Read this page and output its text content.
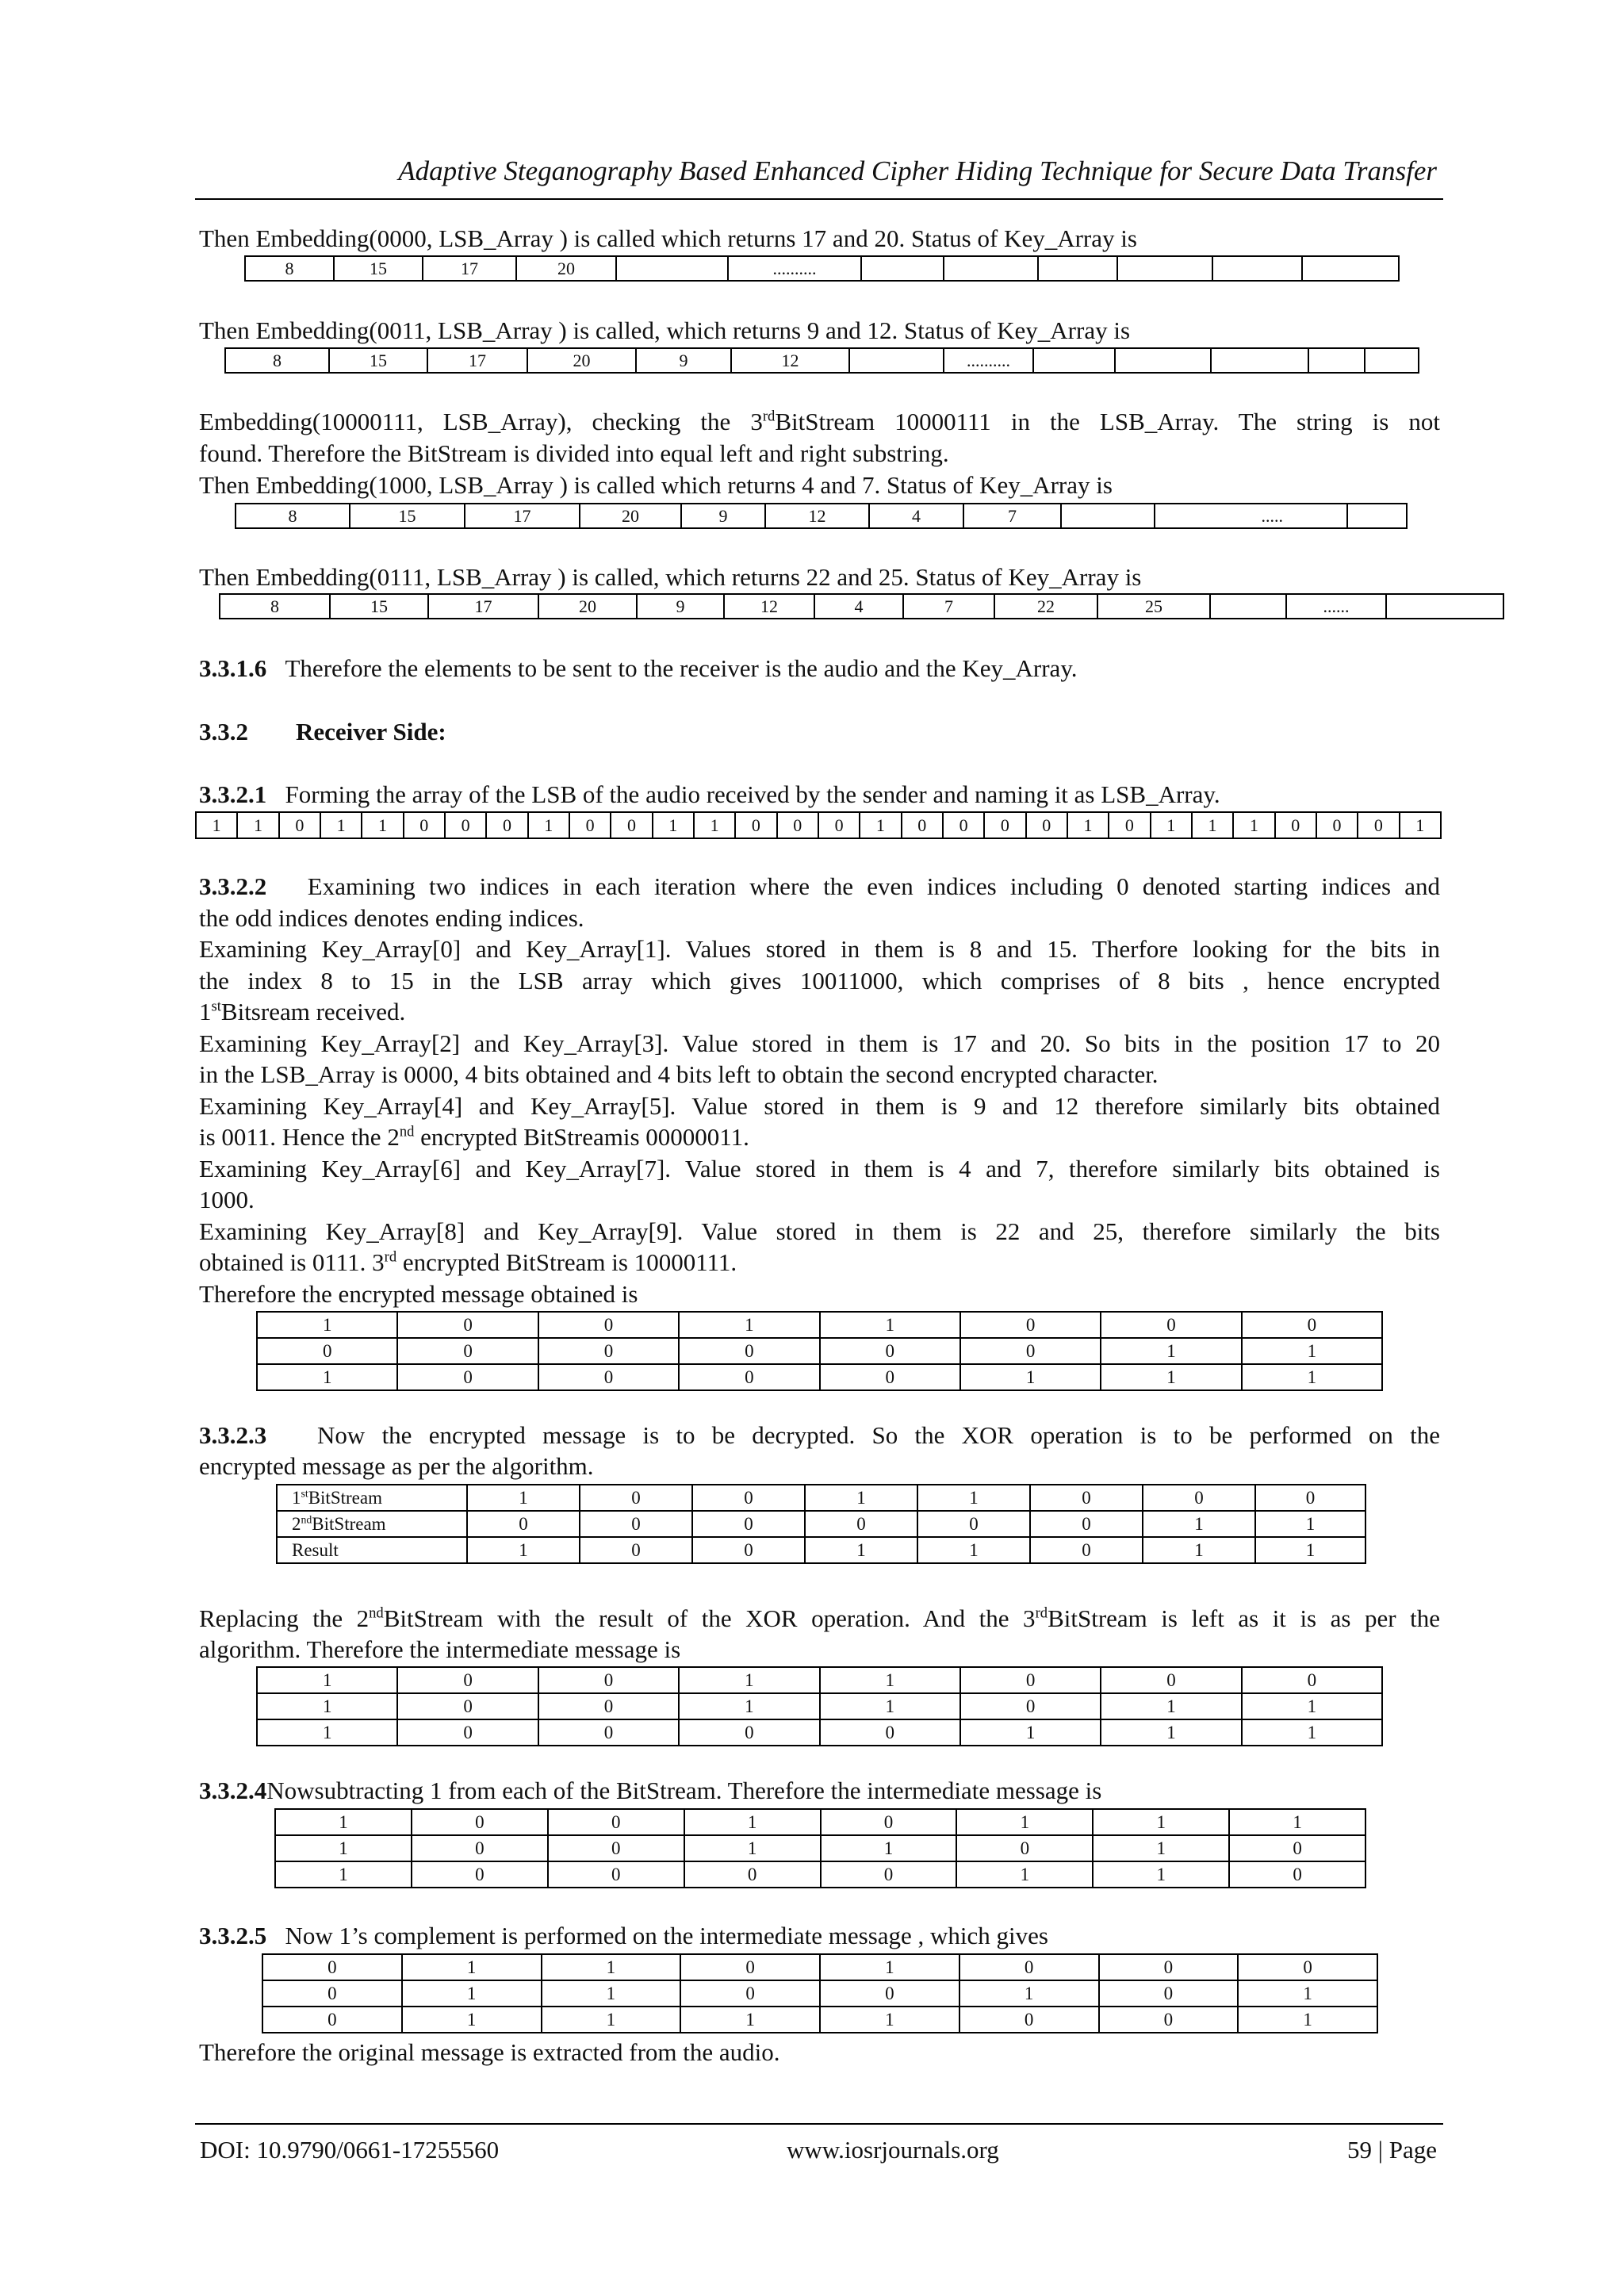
Adaptive Steganography Based Enhanced Cipher Hiding Technique for Secure Data Transfer

Then Embedding(0000, LSB_Array ) is called which returns 17 and 20. Status of Key_Array is

8	15	17	20		..........						

Then Embedding(0011, LSB_Array ) is called, which returns 9 and 12. Status of Key_Array is

8	15	17	20	9	12		..........					

Embedding(10000111, LSB_Array), checking the 3rdBitStream 10000111 in the LSB_Array. The string is not

found. Therefore the BitStream is divided into equal left and right substring.

Then Embedding(1000, LSB_Array ) is called which returns 4 and 7. Status of Key_Array is

8	15	17	20	9	12	4	7		.....	

Then Embedding(0111, LSB_Array ) is called, which returns 22 and 25. Status of Key_Array is

8	15	17	20	9	12	4	7	22	25		......	

3.3.1.6 Therefore the elements to be sent to the receiver is the audio and the Key_Array.

3.3.2 Receiver Side:

3.3.2.1 Forming the array of the LSB of the audio received by the sender and naming it as LSB_Array.

1	1	0	1	1	0	0	0	1	0	0	1	1	0	0	0	1	0	0	0	0	1	0	1	1	1	0	0	0	1

3.3.2.2 Examining two indices in each iteration where the even indices including 0 denoted starting indices and

the odd indices denotes ending indices.

Examining Key_Array[0] and Key_Array[1]. Values stored in them is 8 and 15. Therfore looking for the bits in

the index 8 to 15 in the LSB array which gives 10011000, which comprises of 8 bits , hence encrypted

1stBitsream received.

Examining Key_Array[2] and Key_Array[3]. Value stored in them is 17 and 20. So bits in the position 17 to 20

in the LSB_Array is 0000, 4 bits obtained and 4 bits left to obtain the second encrypted character.

Examining Key_Array[4] and Key_Array[5]. Value stored in them is 9 and 12 therefore similarly bits obtained

is 0011. Hence the 2nd encrypted BitStreamis 00000011.

Examining Key_Array[6] and Key_Array[7]. Value stored in them is 4 and 7, therefore similarly bits obtained is

1000.

Examining Key_Array[8] and Key_Array[9]. Value stored in them is 22 and 25, therefore similarly the bits

obtained is 0111. 3rd encrypted BitStream is 10000111.

Therefore the encrypted message obtained is

1	0	0	1	1	0	0	0
0	0	0	0	0	0	1	1
1	0	0	0	0	1	1	1

3.3.2.3 Now the encrypted message is to be decrypted. So the XOR operation is to be performed on the

encrypted message as per the algorithm.

1stBitStream	1	0	0	1	1	0	0	0
2ndBitStream	0	0	0	0	0	0	1	1
Result	1	0	0	1	1	0	1	1

Replacing the 2ndBitStream with the result of the XOR operation. And the 3rdBitStream is left as it is as per the

algorithm. Therefore the intermediate message is

1	0	0	1	1	0	0	0
1	0	0	1	1	0	1	1
1	0	0	0	0	1	1	1

3.3.2.4Nowsubtracting 1 from each of the BitStream. Therefore the intermediate message is

1	0	0	1	0	1	1	1
1	0	0	1	1	0	1	0
1	0	0	0	0	1	1	0

3.3.2.5 Now 1’s complement is performed on the intermediate message , which gives

0	1	1	0	1	0	0	0
0	1	1	0	0	1	0	1
0	1	1	1	1	0	0	1

Therefore the original message is extracted from the audio.

DOI: 10.9790/0661-17255560	www.iosrjournals.org	59 | Page
